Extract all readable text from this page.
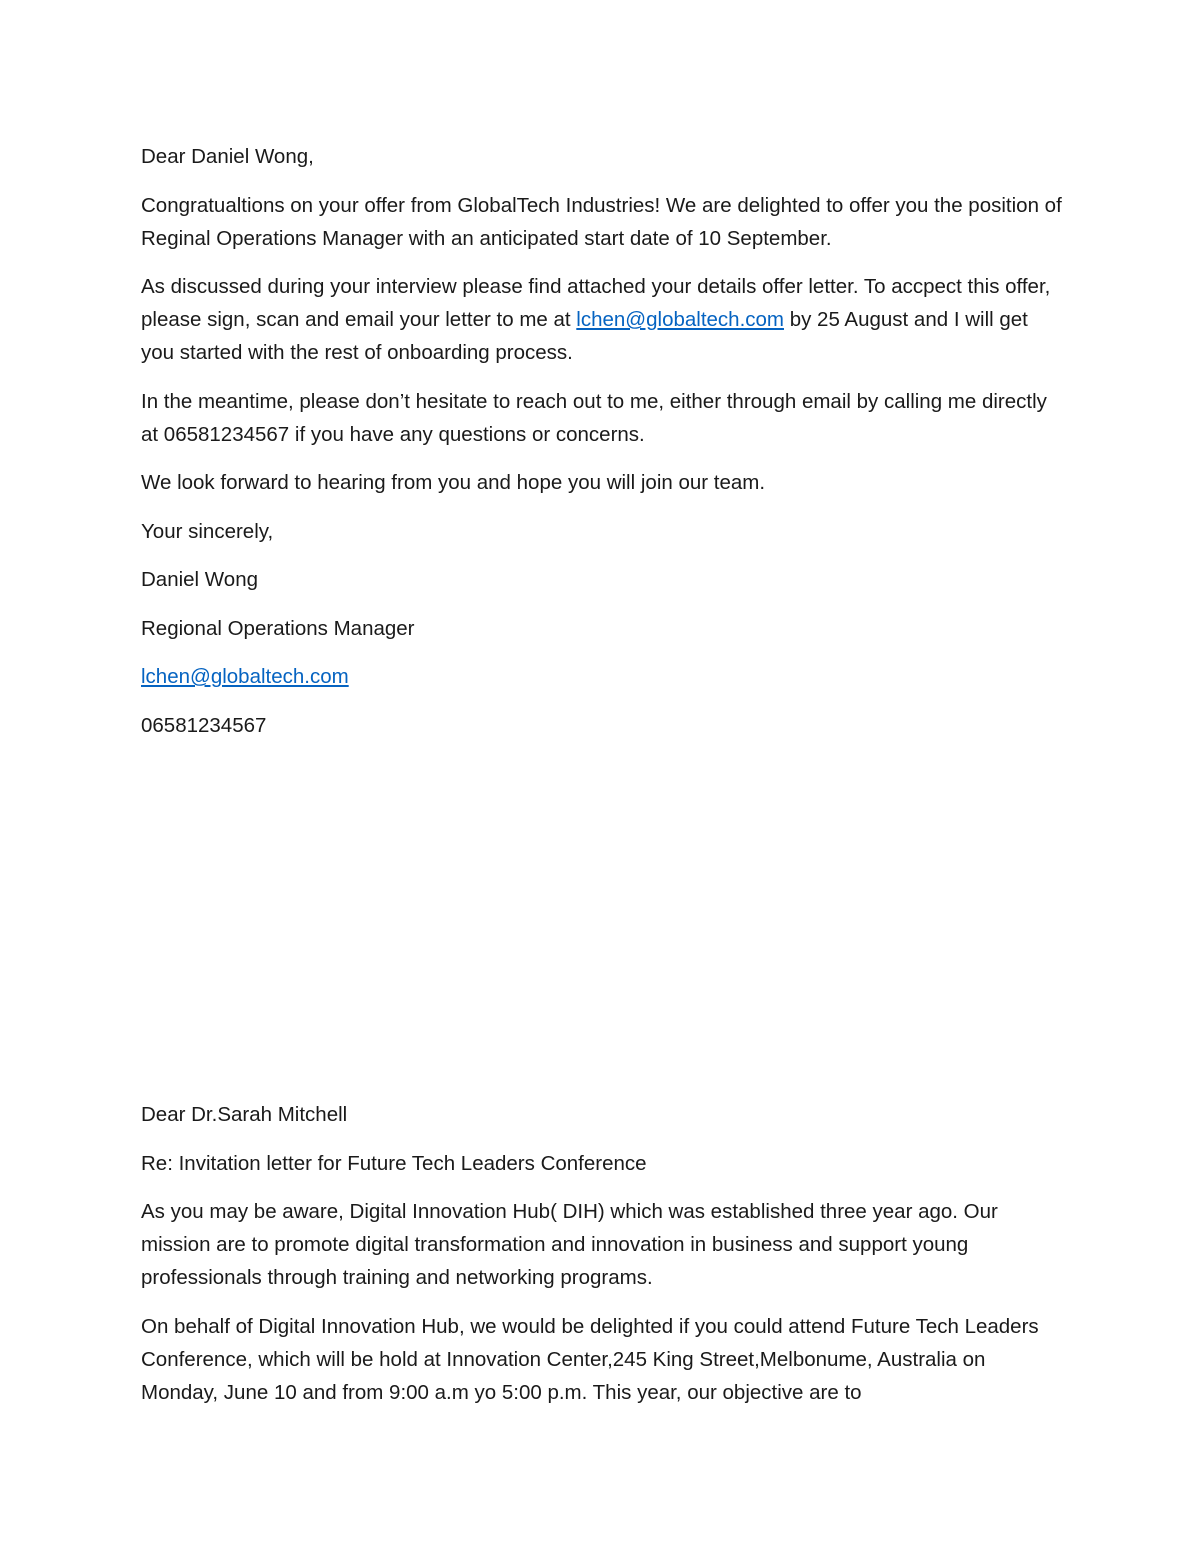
Dear Daniel Wong,

Congratualtions on your offer from GlobalTech Industries! We are delighted to offer you the position of Reginal Operations Manager with an anticipated start date of 10 September.

As discussed during your interview please find attached your details offer letter. To accpect this offer, please sign, scan and email your letter to me at lchen@globaltech.com by 25 August and I will get you started with the rest of onboarding process.

In the meantime, please don’t hesitate to reach out to me, either through email by calling me directly at 06581234567 if you have any questions or concerns.

We look forward to hearing from you and hope you will join our team.

Your sincerely,

Daniel Wong

Regional Operations Manager

lchen@globaltech.com

06581234567

Dear Dr.Sarah Mitchell

Re: Invitation letter for Future Tech Leaders Conference

As you may be aware, Digital Innovation Hub( DIH) which was established three year ago. Our mission are to promote digital transformation and innovation in business and support young professionals through training and networking programs.

On behalf of Digital Innovation Hub, we would be delighted if you could attend Future Tech Leaders Conference, which will be hold at Innovation Center,245 King Street,Melbonume, Australia on Monday, June 10 and from 9:00 a.m yo 5:00 p.m. This year, our objective are to
